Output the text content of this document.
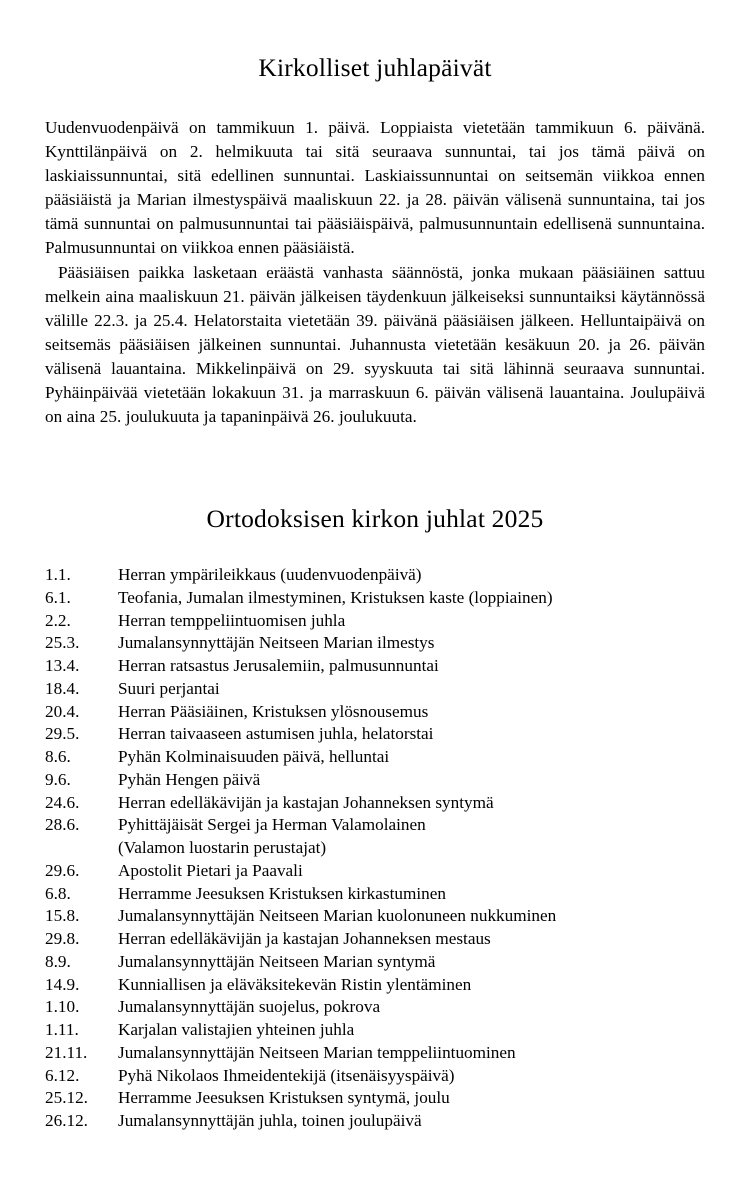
Kirkolliset juhlapäivät

Uudenvuodenpäivä on tammikuun 1. päivä. Loppiaista vietetään tammikuun 6. päivänä. Kynttilänpäivä on 2. helmikuuta tai sitä seuraava sunnuntai, tai jos tämä päivä on laskiaissunnuntai, sitä edellinen sunnuntai. Laskiaissunnuntai on seitsemän viikkoa ennen pääsiäistä ja Marian ilmestyspäivä maaliskuun 22. ja 28. päivän välisenä sunnuntaina, tai jos tämä sunnuntai on palmusunnuntai tai pääsiäispäivä, palmusunnuntain edellisenä sunnuntaina. Palmusunnuntai on viikkoa ennen pääsiäistä.

Pääsiäisen paikka lasketaan eräästä vanhasta säännöstä, jonka mukaan pääsiäinen sattuu melkein aina maaliskuun 21. päivän jälkeisen täydenkuun jälkeiseksi sunnuntaiksi käytännössä välille 22.3. ja 25.4. Helatorstaita vietetään 39. päivänä pääsiäisen jälkeen. Helluntaipäivä on seitsemäs pääsiäisen jälkeinen sunnuntai. Juhannusta vietetään kesäkuun 20. ja 26. päivän välisenä lauantaina. Mikkelinpäivä on 29. syyskuuta tai sitä lähinnä seuraava sunnuntai. Pyhäinpäivää vietetään lokakuun 31. ja marraskuun 6. päivän välisenä lauantaina. Joulupäivä on aina 25. joulukuuta ja tapaninpäivä 26. joulukuuta.

Ortodoksisen kirkon juhlat 2025
1.1.	Herran ympärileikkaus (uudenvuodenpäivä)
6.1.	Teofania, Jumalan ilmestyminen, Kristuksen kaste (loppiainen)
2.2.	Herran temppeliintuomisen juhla
25.3.	Jumalansynnyttäjän Neitseen Marian ilmestys
13.4.	Herran ratsastus Jerusalemiin, palmusunnuntai
18.4.	Suuri perjantai
20.4.	Herran Pääsiäinen, Kristuksen ylösnousemus
29.5.	Herran taivaaseen astumisen juhla, helatorstai
8.6.	Pyhän Kolminaisuuden päivä, helluntai
9.6.	Pyhän Hengen päivä
24.6.	Herran edelläkävijän ja kastajan Johanneksen syntymä
28.6.	Pyhittäjäisät Sergei ja Herman Valamolainen
(Valamon luostarin perustajat)
29.6.	Apostolit Pietari ja Paavali
6.8.	Herramme Jeesuksen Kristuksen kirkastuminen
15.8.	Jumalansynnyttäjän Neitseen Marian kuolonuneen nukkuminen
29.8.	Herran edelläkävijän ja kastajan Johanneksen mestaus
8.9.	Jumalansynnyttäjän Neitseen Marian syntymä
14.9.	Kunniallisen ja eläväksitekevän Ristin ylentäminen
1.10.	Jumalansynnyttäjän suojelus, pokrova
1.11.	Karjalan valistajien yhteinen juhla
21.11.	Jumalansynnyttäjän Neitseen Marian temppeliintuominen
6.12.	Pyhä Nikolaos Ihmeidentekijä (itsenäisyyspäivä)
25.12.	Herramme Jeesuksen Kristuksen syntymä, joulu
26.12.	Jumalansynnyttäjän juhla, toinen joulupäivä
